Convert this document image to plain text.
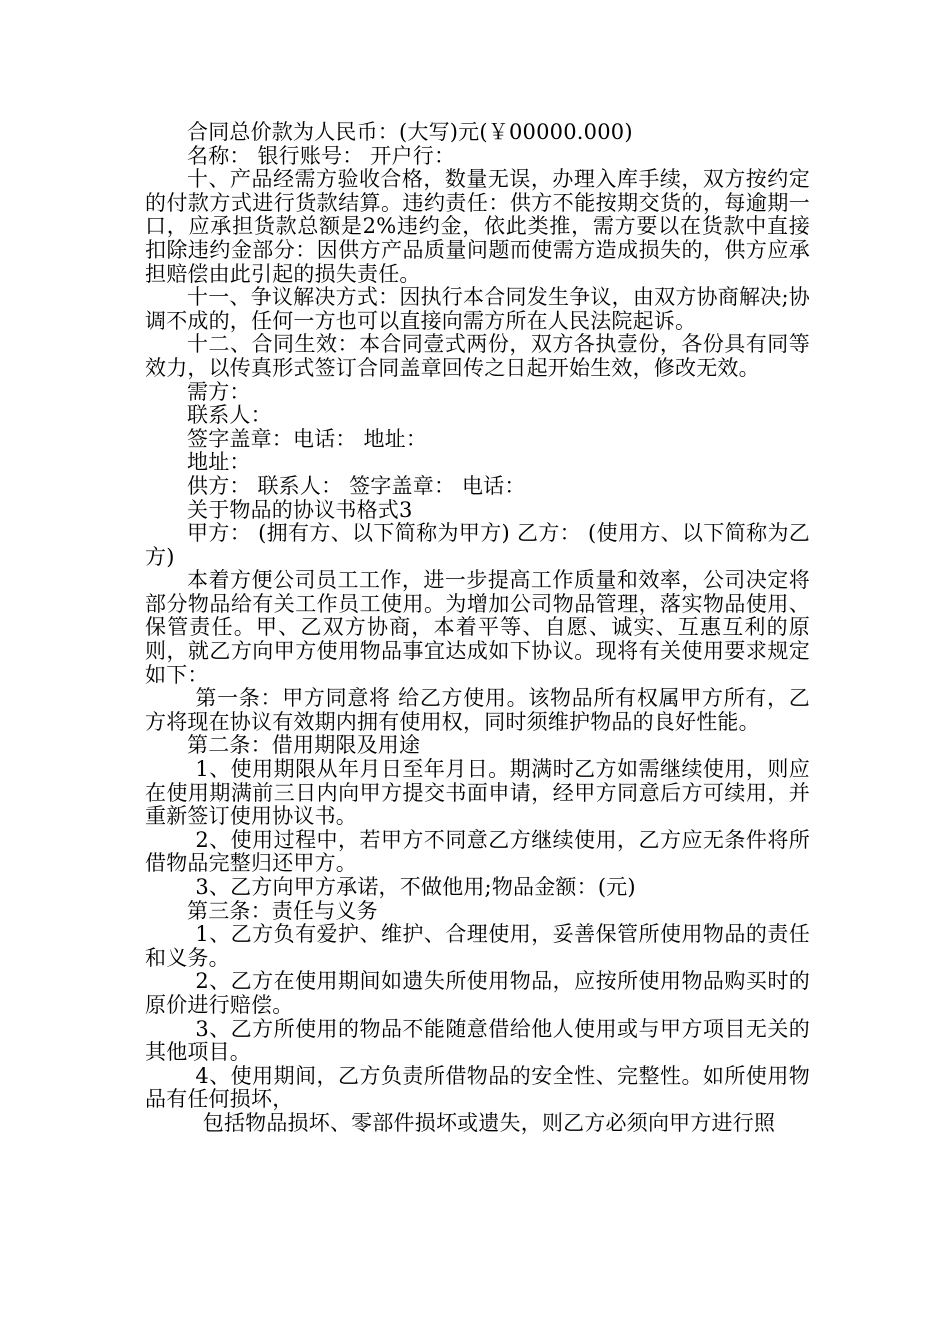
合同总价款为人民币：(大写)元(￥00000.000)

名称： 银行账号： 开户行：

十、产品经需方验收合格，数量无误，办理入库手续，双方按约定的付款方式进行货款结算。违约责任：供方不能按期交货的，每逾期一口，应承担货款总额是2%违约金，依此类推，需方要以在货款中直接扣除违约金部分：因供方产品质量问题而使需方造成损失的，供方应承担赔偿由此引起的损失责任。

十一、争议解决方式：因执行本合同发生争议，由双方协商解决;协调不成的，任何一方也可以直接向需方所在人民法院起诉。

十二、合同生效：本合同壹式两份，双方各执壹份，各份具有同等效力，以传真形式签订合同盖章回传之日起开始生效，修改无效。

需方：

联系人：

签字盖章：电话： 地址：

地址：

供方： 联系人： 签字盖章： 电话：

关于物品的协议书格式3

甲方： (拥有方、以下简称为甲方) 乙方： (使用方、以下简称为乙方)

本着方便公司员工工作，进一步提高工作质量和效率，公司决定将部分物品给有关工作员工使用。为增加公司物品管理，落实物品使用、保管责任。甲、乙双方协商，本着平等、自愿、诚实、互惠互利的原则，就乙方向甲方使用物品事宜达成如下协议。现将有关使用要求规定如下：

第一条：甲方同意将 给乙方使用。该物品所有权属甲方所有，乙方将现在协议有效期内拥有使用权，同时须维护物品的良好性能。

第二条：借用期限及用途

1、使用期限从年月日至年月日。期满时乙方如需继续使用，则应在使用期满前三日内向甲方提交书面申请，经甲方同意后方可续用，并重新签订使用协议书。

2、使用过程中，若甲方不同意乙方继续使用，乙方应无条件将所借物品完整归还甲方。

3、乙方向甲方承诺，不做他用;物品金额：(元)

第三条：责任与义务

1、乙方负有爱护、维护、合理使用，妥善保管所使用物品的责任和义务。

2、乙方在使用期间如遗失所使用物品，应按所使用物品购买时的原价进行赔偿。

3、乙方所使用的物品不能随意借给他人使用或与甲方项目无关的其他项目。

4、使用期间，乙方负责所借物品的安全性、完整性。如所使用物品有任何损坏，

包括物品损坏、零部件损坏或遗失，则乙方必须向甲方进行照
